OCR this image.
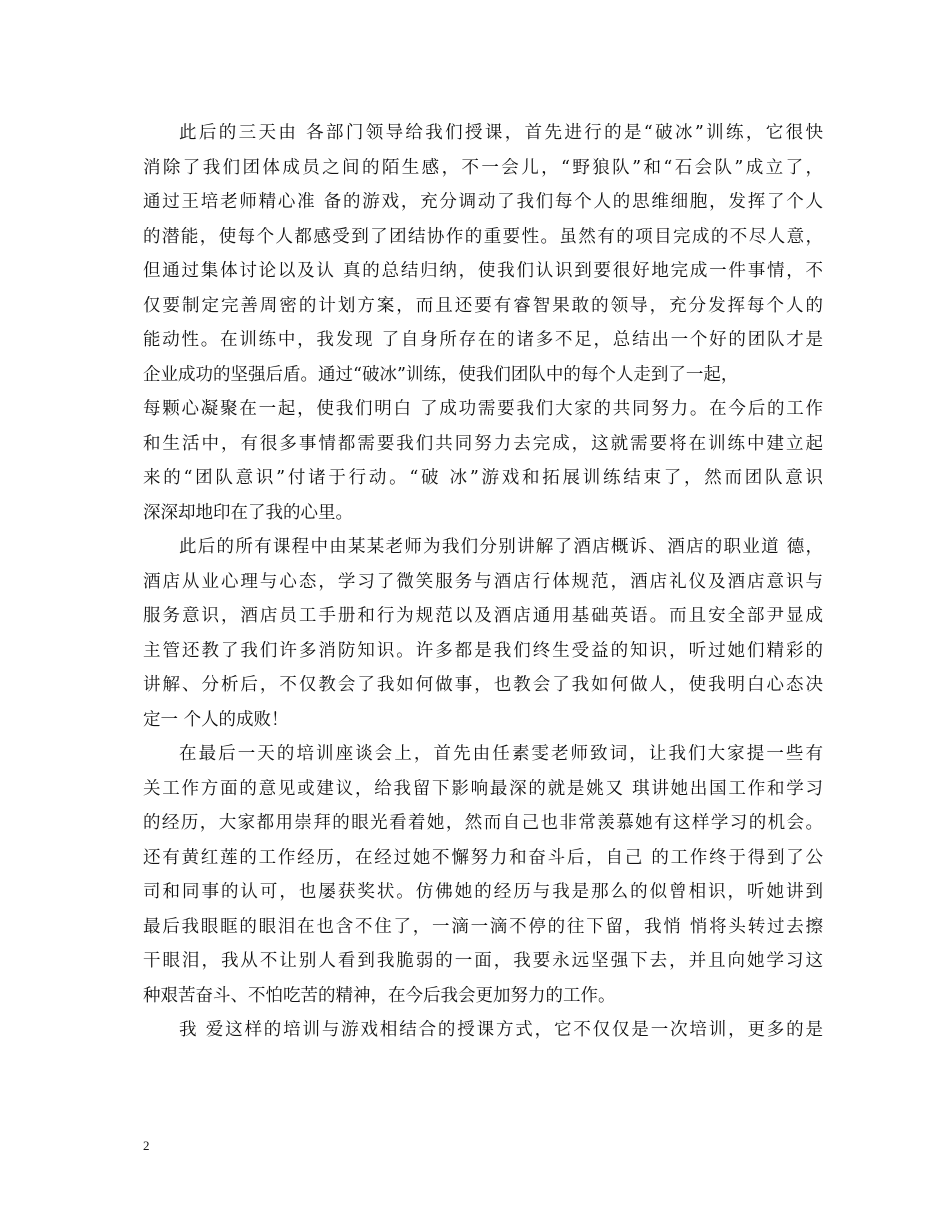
此后的三天由 各部门领导给我们授课，首先进行的是“破冰”训练，它很快
消除了我们团体成员之间的陌生感，不一会儿，“野狼队”和“石会队”成立了，
通过王培老师精心准 备的游戏，充分调动了我们每个人的思维细胞，发挥了个人
的潜能，使每个人都感受到了团结协作的重要性。虽然有的项目完成的不尽人意，
但通过集体讨论以及认 真的总结归纳，使我们认识到要很好地完成一件事情，不
仅要制定完善周密的计划方案，而且还要有睿智果敢的领导，充分发挥每个人的
能动性。在训练中，我发现 了自身所存在的诸多不足，总结出一个好的团队才是
企业成功的坚强后盾。通过“破冰”训练，使我们团队中的每个人走到了一起，
每颗心凝聚在一起，使我们明白 了成功需要我们大家的共同努力。在今后的工作
和生活中，有很多事情都需要我们共同努力去完成，这就需要将在训练中建立起
来的“团队意识”付诸于行动。“破 冰”游戏和拓展训练结束了，然而团队意识
深深却地印在了我的心里。
此后的所有课程中由某某老师为我们分别讲解了酒店概诉、酒店的职业道 德，
酒店从业心理与心态，学习了微笑服务与酒店行体规范，酒店礼仪及酒店意识与
服务意识，酒店员工手册和行为规范以及酒店通用基础英语。而且安全部尹显成
主管还教了我们许多消防知识。许多都是我们终生受益的知识，听过她们精彩的
讲解、分析后，不仅教会了我如何做事，也教会了我如何做人，使我明白心态决
定一 个人的成败！
在最后一天的培训座谈会上，首先由任素雯老师致词，让我们大家提一些有
关工作方面的意见或建议，给我留下影响最深的就是姚又 琪讲她出国工作和学习
的经历，大家都用崇拜的眼光看着她，然而自己也非常羡慕她有这样学习的机会。
还有黄红莲的工作经历，在经过她不懈努力和奋斗后，自己 的工作终于得到了公
司和同事的认可，也屡获奖状。仿佛她的经历与我是那么的似曾相识，听她讲到
最后我眼眶的眼泪在也含不住了，一滴一滴不停的往下留，我悄 悄将头转过去擦
干眼泪，我从不让别人看到我脆弱的一面，我要永远坚强下去，并且向她学习这
种艰苦奋斗、不怕吃苦的精神，在今后我会更加努力的工作。
我 爱这样的培训与游戏相结合的授课方式，它不仅仅是一次培训，更多的是
2
